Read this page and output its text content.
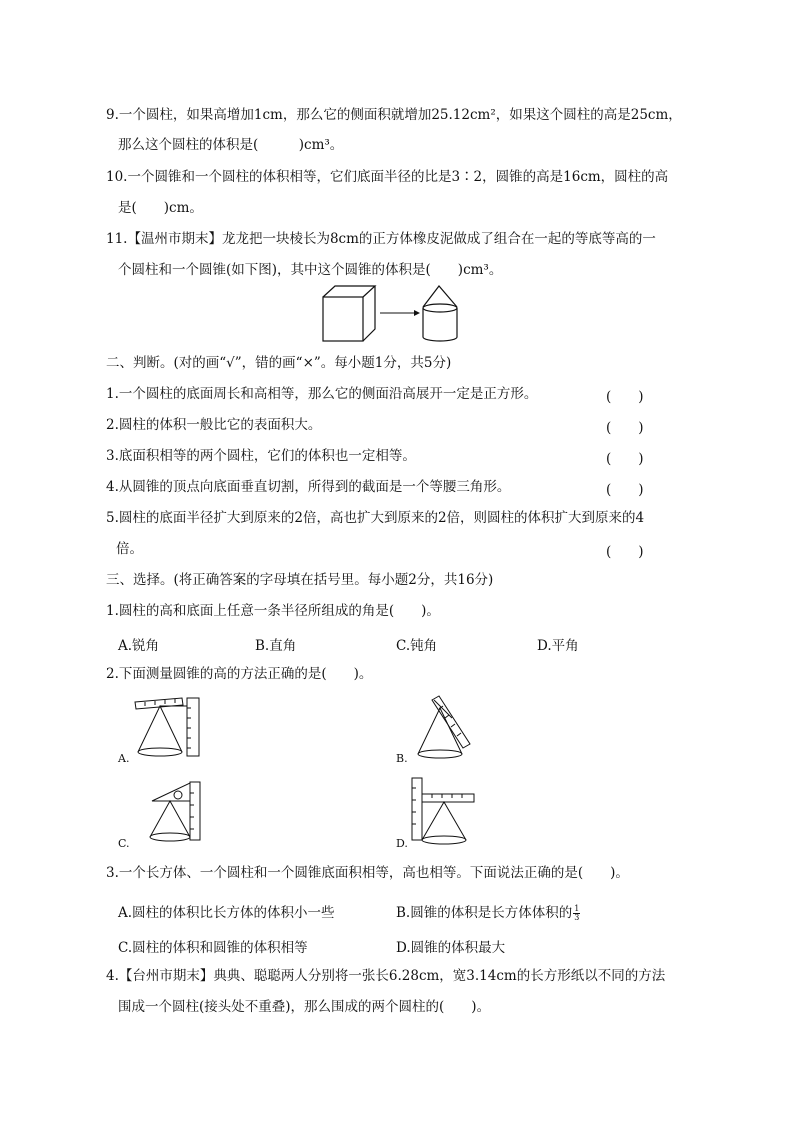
9.一个圆柱，如果高增加1cm，那么它的侧面积就增加25.12cm²，如果这个圆柱的高是25cm，
那么这个圆柱的体积是(　　　)cm³。
10.一个圆锥和一个圆柱的体积相等，它们底面半径的比是3∶2，圆锥的高是16cm，圆柱的高
是(　　)cm。
11.【温州市期末】龙龙把一块棱长为8cm的正方体橡皮泥做成了组合在一起的等底等高的一
个圆柱和一个圆锥(如下图)，其中这个圆锥的体积是(　　)cm³。
二、判断。(对的画“√”，错的画“×”。每小题1分，共5分)
1.一个圆柱的底面周长和高相等，那么它的侧面沿高展开一定是正方形。	(　　)
2.圆柱的体积一般比它的表面积大。	(　　)
3.底面积相等的两个圆柱，它们的体积也一定相等。	(　　)
4.从圆锥的顶点向底面垂直切割，所得到的截面是一个等腰三角形。	(　　)
5.圆柱的底面半径扩大到原来的2倍，高也扩大到原来的2倍，则圆柱的体积扩大到原来的4
倍。	(　　)
三、选择。(将正确答案的字母填在括号里。每小题2分，共16分)
1.圆柱的高和底面上任意一条半径所组成的角是(　　)。
A.锐角	B.直角	C.钝角	D.平角
2.下面测量圆锥的高的方法正确的是(　　)。
A.	B.
C.	D.
3.一个长方体、一个圆柱和一个圆锥底面积相等，高也相等。下面说法正确的是(　　)。
A.圆柱的体积比长方体的体积小一些	B.圆锥的体积是长方体体积的 $\frac{1}{3}$
C.圆柱的体积和圆锥的体积相等	D.圆锥的体积最大
4.【台州市期末】典典、聪聪两人分别将一张长6.28cm，宽3.14cm的长方形纸以不同的方法
围成一个圆柱(接头处不重叠)，那么围成的两个圆柱的(　　)。
